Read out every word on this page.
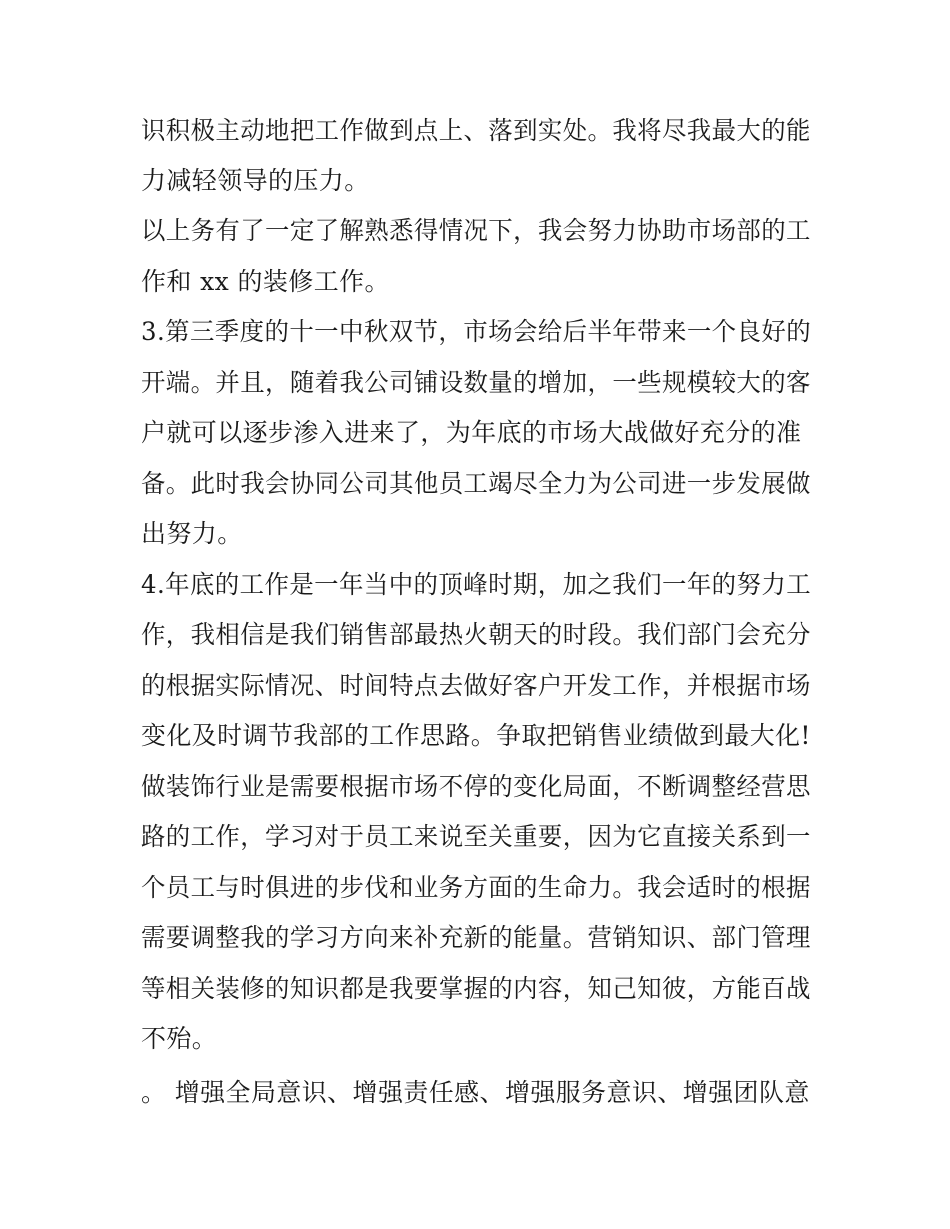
识积极主动地把工作做到点上、落到实处。我将尽我最大的能
力减轻领导的压力。
以上务有了一定了解熟悉得情况下，我会努力协助市场部的工
作和 xx 的装修工作。
3.第三季度的十一中秋双节，市场会给后半年带来一个良好的
开端。并且，随着我公司铺设数量的增加，一些规模较大的客
户就可以逐步渗入进来了，为年底的市场大战做好充分的准
备。此时我会协同公司其他员工竭尽全力为公司进一步发展做
出努力。
4.年底的工作是一年当中的顶峰时期，加之我们一年的努力工
作，我相信是我们销售部最热火朝天的时段。我们部门会充分
的根据实际情况、时间特点去做好客户开发工作，并根据市场
变化及时调节我部的工作思路。争取把销售业绩做到最大化!
做装饰行业是需要根据市场不停的变化局面，不断调整经营思
路的工作，学习对于员工来说至关重要，因为它直接关系到一
个员工与时俱进的步伐和业务方面的生命力。我会适时的根据
需要调整我的学习方向来补充新的能量。营销知识、部门管理
等相关装修的知识都是我要掌握的内容，知己知彼，方能百战
不殆。
。 增强全局意识、增强责任感、增强服务意识、增强团队意
